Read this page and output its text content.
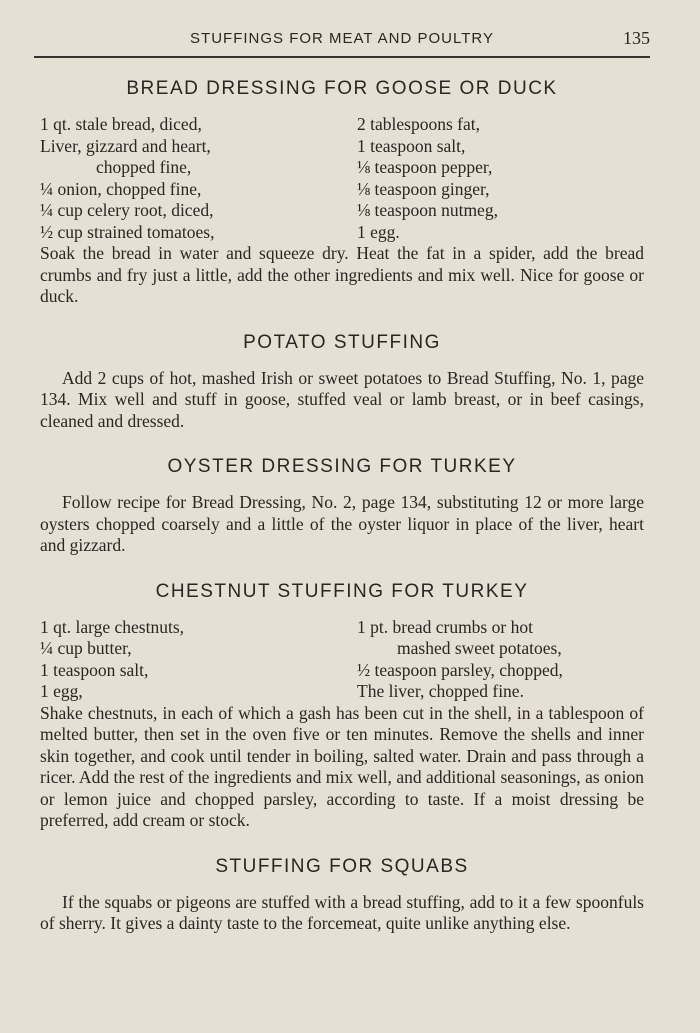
STUFFINGS FOR MEAT AND POULTRY	135
BREAD DRESSING FOR GOOSE OR DUCK
1 qt. stale bread, diced,
Liver, gizzard and heart,
chopped fine,
¼ onion, chopped fine,
¼ cup celery root, diced,
½ cup strained tomatoes,
2 tablespoons fat,
1 teaspoon salt,
⅛ teaspoon pepper,
⅛ teaspoon ginger,
⅛ teaspoon nutmeg,
1 egg.

Soak the bread in water and squeeze dry. Heat the fat in a spider, add the bread crumbs and fry just a little, add the other ingredients and mix well. Nice for goose or duck.

POTATO STUFFING

Add 2 cups of hot, mashed Irish or sweet potatoes to Bread Stuffing, No. 1, page 134. Mix well and stuff in goose, stuffed veal or lamb breast, or in beef casings, cleaned and dressed.

OYSTER DRESSING FOR TURKEY

Follow recipe for Bread Dressing, No. 2, page 134, substituting 12 or more large oysters chopped coarsely and a little of the oyster liquor in place of the liver, heart and gizzard.

CHESTNUT STUFFING FOR TURKEY
1 qt. large chestnuts,
¼ cup butter,
1 teaspoon salt,
1 egg,
1 pt. bread crumbs or hot
mashed sweet potatoes,
½ teaspoon parsley, chopped,
The liver, chopped fine.

Shake chestnuts, in each of which a gash has been cut in the shell, in a tablespoon of melted butter, then set in the oven five or ten minutes. Remove the shells and inner skin together, and cook until tender in boiling, salted water. Drain and pass through a ricer. Add the rest of the ingredients and mix well, and additional seasonings, as onion or lemon juice and chopped parsley, according to taste. If a moist dressing be preferred, add cream or stock.

STUFFING FOR SQUABS

If the squabs or pigeons are stuffed with a bread stuffing, add to it a few spoonfuls of sherry. It gives a dainty taste to the forcemeat, quite unlike anything else.
